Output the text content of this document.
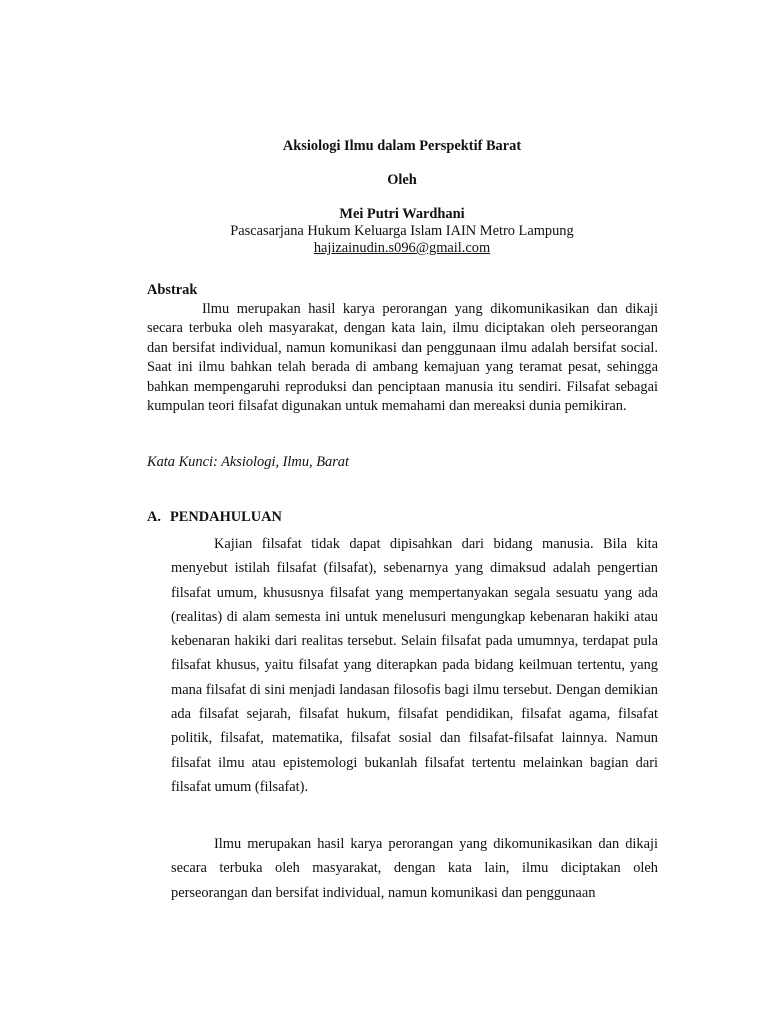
Aksiologi Ilmu dalam Perspektif Barat
Oleh
Mei Putri Wardhani
Pascasarjana Hukum Keluarga Islam IAIN Metro Lampung
hajizainudin.s096@gmail.com
Abstrak

Ilmu merupakan hasil karya perorangan yang dikomunikasikan dan dikaji secara terbuka oleh masyarakat, dengan kata lain, ilmu diciptakan oleh perseorangan dan bersifat individual, namun komunikasi dan penggunaan ilmu adalah bersifat social. Saat ini ilmu bahkan telah berada di ambang kemajuan yang teramat pesat, sehingga bahkan mempengaruhi reproduksi dan penciptaan manusia itu sendiri. Filsafat sebagai kumpulan teori filsafat digunakan untuk memahami dan mereaksi dunia pemikiran.

Kata Kunci: Aksiologi, Ilmu, Barat
A. PENDAHULUAN

Kajian filsafat tidak dapat dipisahkan dari bidang manusia. Bila kita menyebut istilah filsafat (filsafat), sebenarnya yang dimaksud adalah pengertian filsafat umum, khususnya filsafat yang mempertanyakan segala sesuatu yang ada (realitas) di alam semesta ini untuk menelusuri mengungkap kebenaran hakiki atau kebenaran hakiki dari realitas tersebut. Selain filsafat pada umumnya, terdapat pula filsafat khusus, yaitu filsafat yang diterapkan pada bidang keilmuan tertentu, yang mana filsafat di sini menjadi landasan filosofis bagi ilmu tersebut. Dengan demikian ada filsafat sejarah, filsafat hukum, filsafat pendidikan, filsafat agama, filsafat politik, filsafat, matematika, filsafat sosial dan filsafat-filsafat lainnya. Namun filsafat ilmu atau epistemologi bukanlah filsafat tertentu melainkan bagian dari filsafat umum (filsafat).

Ilmu merupakan hasil karya perorangan yang dikomunikasikan dan dikaji secara terbuka oleh masyarakat, dengan kata lain, ilmu diciptakan oleh perseorangan dan bersifat individual, namun komunikasi dan penggunaan
